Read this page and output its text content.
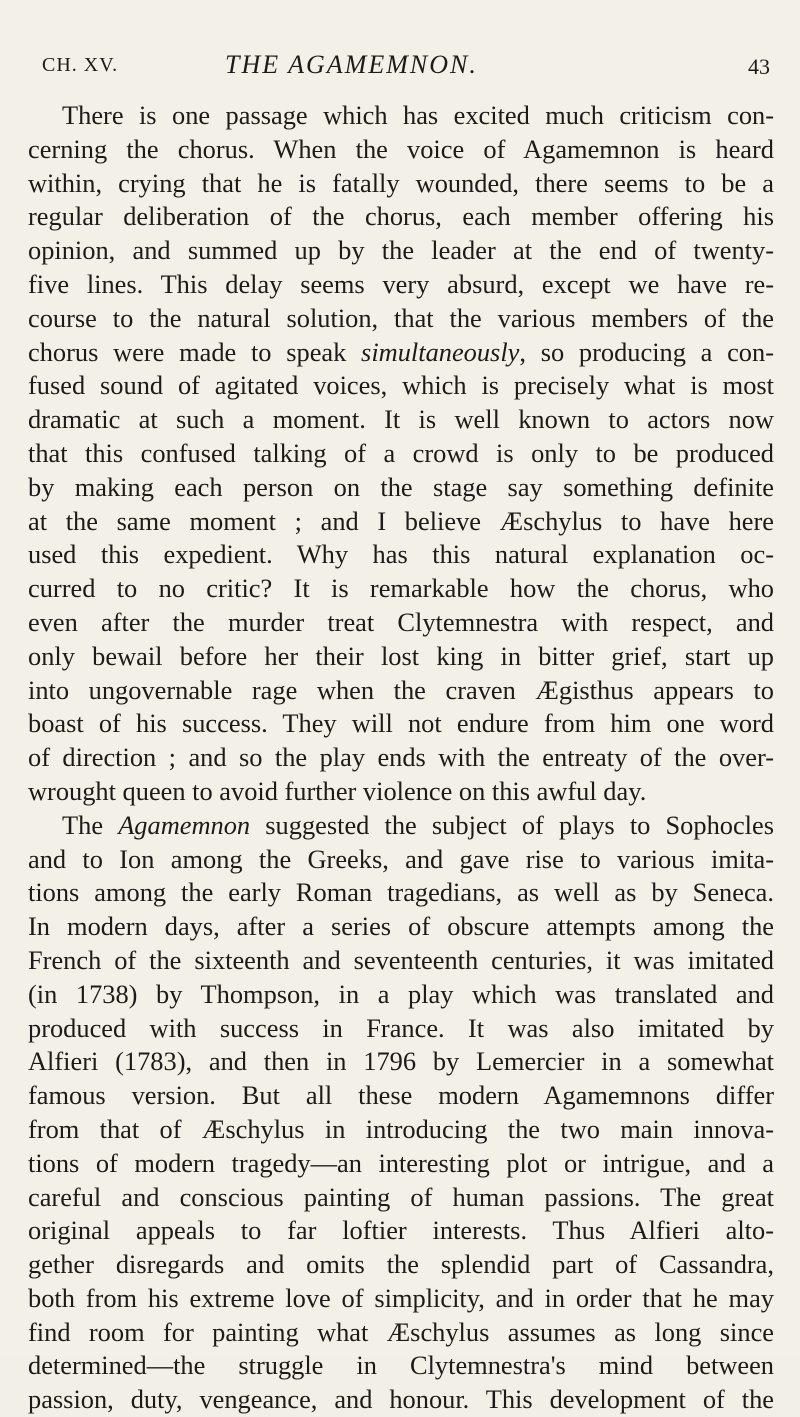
CH. XV.	THE AGAMEMNON.	43
There is one passage which has excited much criticism con-
cerning the chorus. When the voice of Agamemnon is heard
within, crying that he is fatally wounded, there seems to be a
regular deliberation of the chorus, each member offering his
opinion, and summed up by the leader at the end of twenty-
five lines. This delay seems very absurd, except we have re-
course to the natural solution, that the various members of the
chorus were made to speak simultaneously, so producing a con-
fused sound of agitated voices, which is precisely what is most
dramatic at such a moment. It is well known to actors now
that this confused talking of a crowd is only to be produced
by making each person on the stage say something definite
at the same moment ; and I believe Æschylus to have here
used this expedient. Why has this natural explanation oc-
curred to no critic? It is remarkable how the chorus, who
even after the murder treat Clytemnestra with respect, and
only bewail before her their lost king in bitter grief, start up
into ungovernable rage when the craven Ægisthus appears to
boast of his success. They will not endure from him one word
of direction ; and so the play ends with the entreaty of the over-
wrought queen to avoid further violence on this awful day.
The Agamemnon suggested the subject of plays to Sophocles
and to Ion among the Greeks, and gave rise to various imita-
tions among the early Roman tragedians, as well as by Seneca.
In modern days, after a series of obscure attempts among the
French of the sixteenth and seventeenth centuries, it was imitated
(in 1738) by Thompson, in a play which was translated and
produced with success in France. It was also imitated by
Alfieri (1783), and then in 1796 by Lemercier in a somewhat
famous version. But all these modern Agamemnons differ
from that of Æschylus in introducing the two main innova-
tions of modern tragedy—an interesting plot or intrigue, and a
careful and conscious painting of human passions. The great
original appeals to far loftier interests. Thus Alfieri alto-
gether disregards and omits the splendid part of Cassandra,
both from his extreme love of simplicity, and in order that he may
find room for painting what Æschylus assumes as long since
determined—the struggle in Clytemnestra's mind between
passion, duty, vengeance, and honour. This development of the
